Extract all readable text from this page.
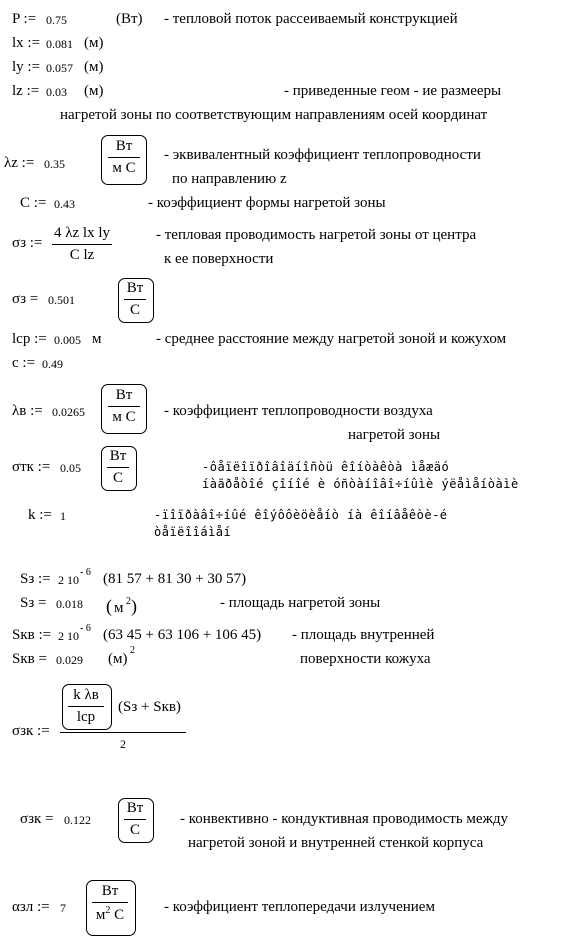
P := 0.75	(Вт) - тепловой поток рассеиваемый конструкцией
lx := 0.081 (м)
ly := 0.057 (м)
lz := 0.03 (м)	- приведенные геом - ие размееры
нагретой зоны по соответствующим направлениям осей координат
λz := 0.35
Вт
м С
- эквивалентный коэффициент теплопроводности
по направлению z
C := 0.43	- коэффициент формы нагретой зоны
σз :=
4 λz lx ly
C lz
- тепловая проводимость нагретой зоны от центра
к ее поверхности
σз = 0.501
Вт
С
lcp := 0.005 м	- среднее расстояние между нагретой зоной и кожухом
c := 0.49
λв := 0.0265
Вт
м С - коэффициент теплопроводности воздуха
нагретой зоны
σтк := 0.05
Вт
С
-ôåïëîïðîâîäíîñòü êîíòàêòà ìåæäó
íàãðåòîé çîíîé è óñòàíîâî÷íûìè ýëåìåíòàìè
k := 1	-ïîïðàâî÷íûé êîýôôèöèåíò íà êîíâåêòè-é
òåïëîîáìåí
Sз := 2 10
- 6 (81 57 + 81 30 + 30 57)
Sз = 0.018 ( м 2 )	- площадь нагретой зоны
Sкв := 2 10
- 6 (63 45 + 63 106 + 106 45) - площадь внутренней
Sкв = 0.029 (м)
2
поверхности кожуха
σзк :=
k λв
lcp
(Sз + Sкв)
2
σзк = 0.122
Вт
С
- конвективно - кондуктивная проводимость между
нагретой зоной и внутренней стенкой корпуса
αзл := 7
Вт
$м^2$ С	- коэффициент теплопередачи излучением
